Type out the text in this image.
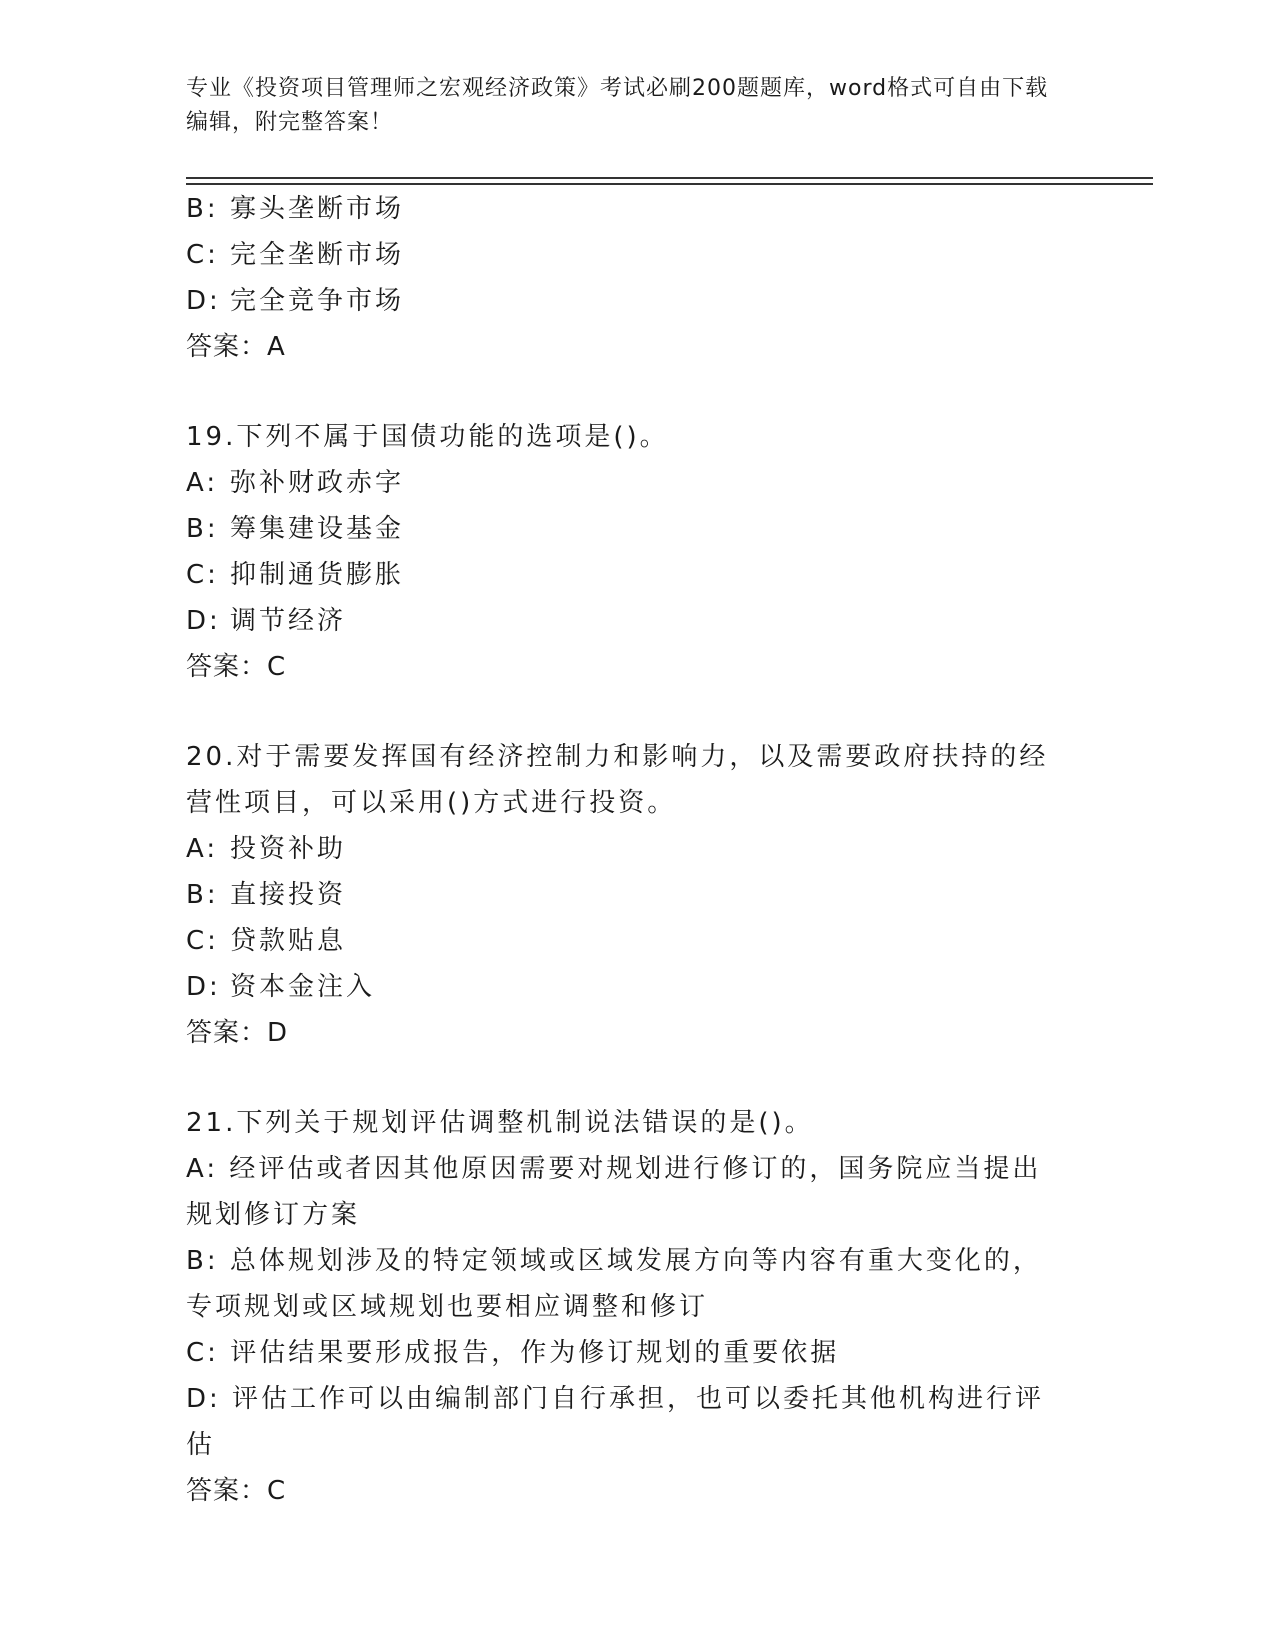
专业《投资项目管理师之宏观经济政策》考试必刷200题题库，word格式可自由下载编辑，附完整答案！
B: 寡头垄断市场
C: 完全垄断市场
D: 完全竞争市场
答案：A
19.下列不属于国债功能的选项是()。
A: 弥补财政赤字
B: 筹集建设基金
C: 抑制通货膨胀
D: 调节经济
答案：C
20.对于需要发挥国有经济控制力和影响力，以及需要政府扶持的经营性项目，可以采用()方式进行投资。
A: 投资补助
B: 直接投资
C: 贷款贴息
D: 资本金注入
答案：D
21.下列关于规划评估调整机制说法错误的是()。
A: 经评估或者因其他原因需要对规划进行修订的，国务院应当提出规划修订方案
B: 总体规划涉及的特定领域或区域发展方向等内容有重大变化的，专项规划或区域规划也要相应调整和修订
C: 评估结果要形成报告，作为修订规划的重要依据
D: 评估工作可以由编制部门自行承担，也可以委托其他机构进行评估
答案：C
